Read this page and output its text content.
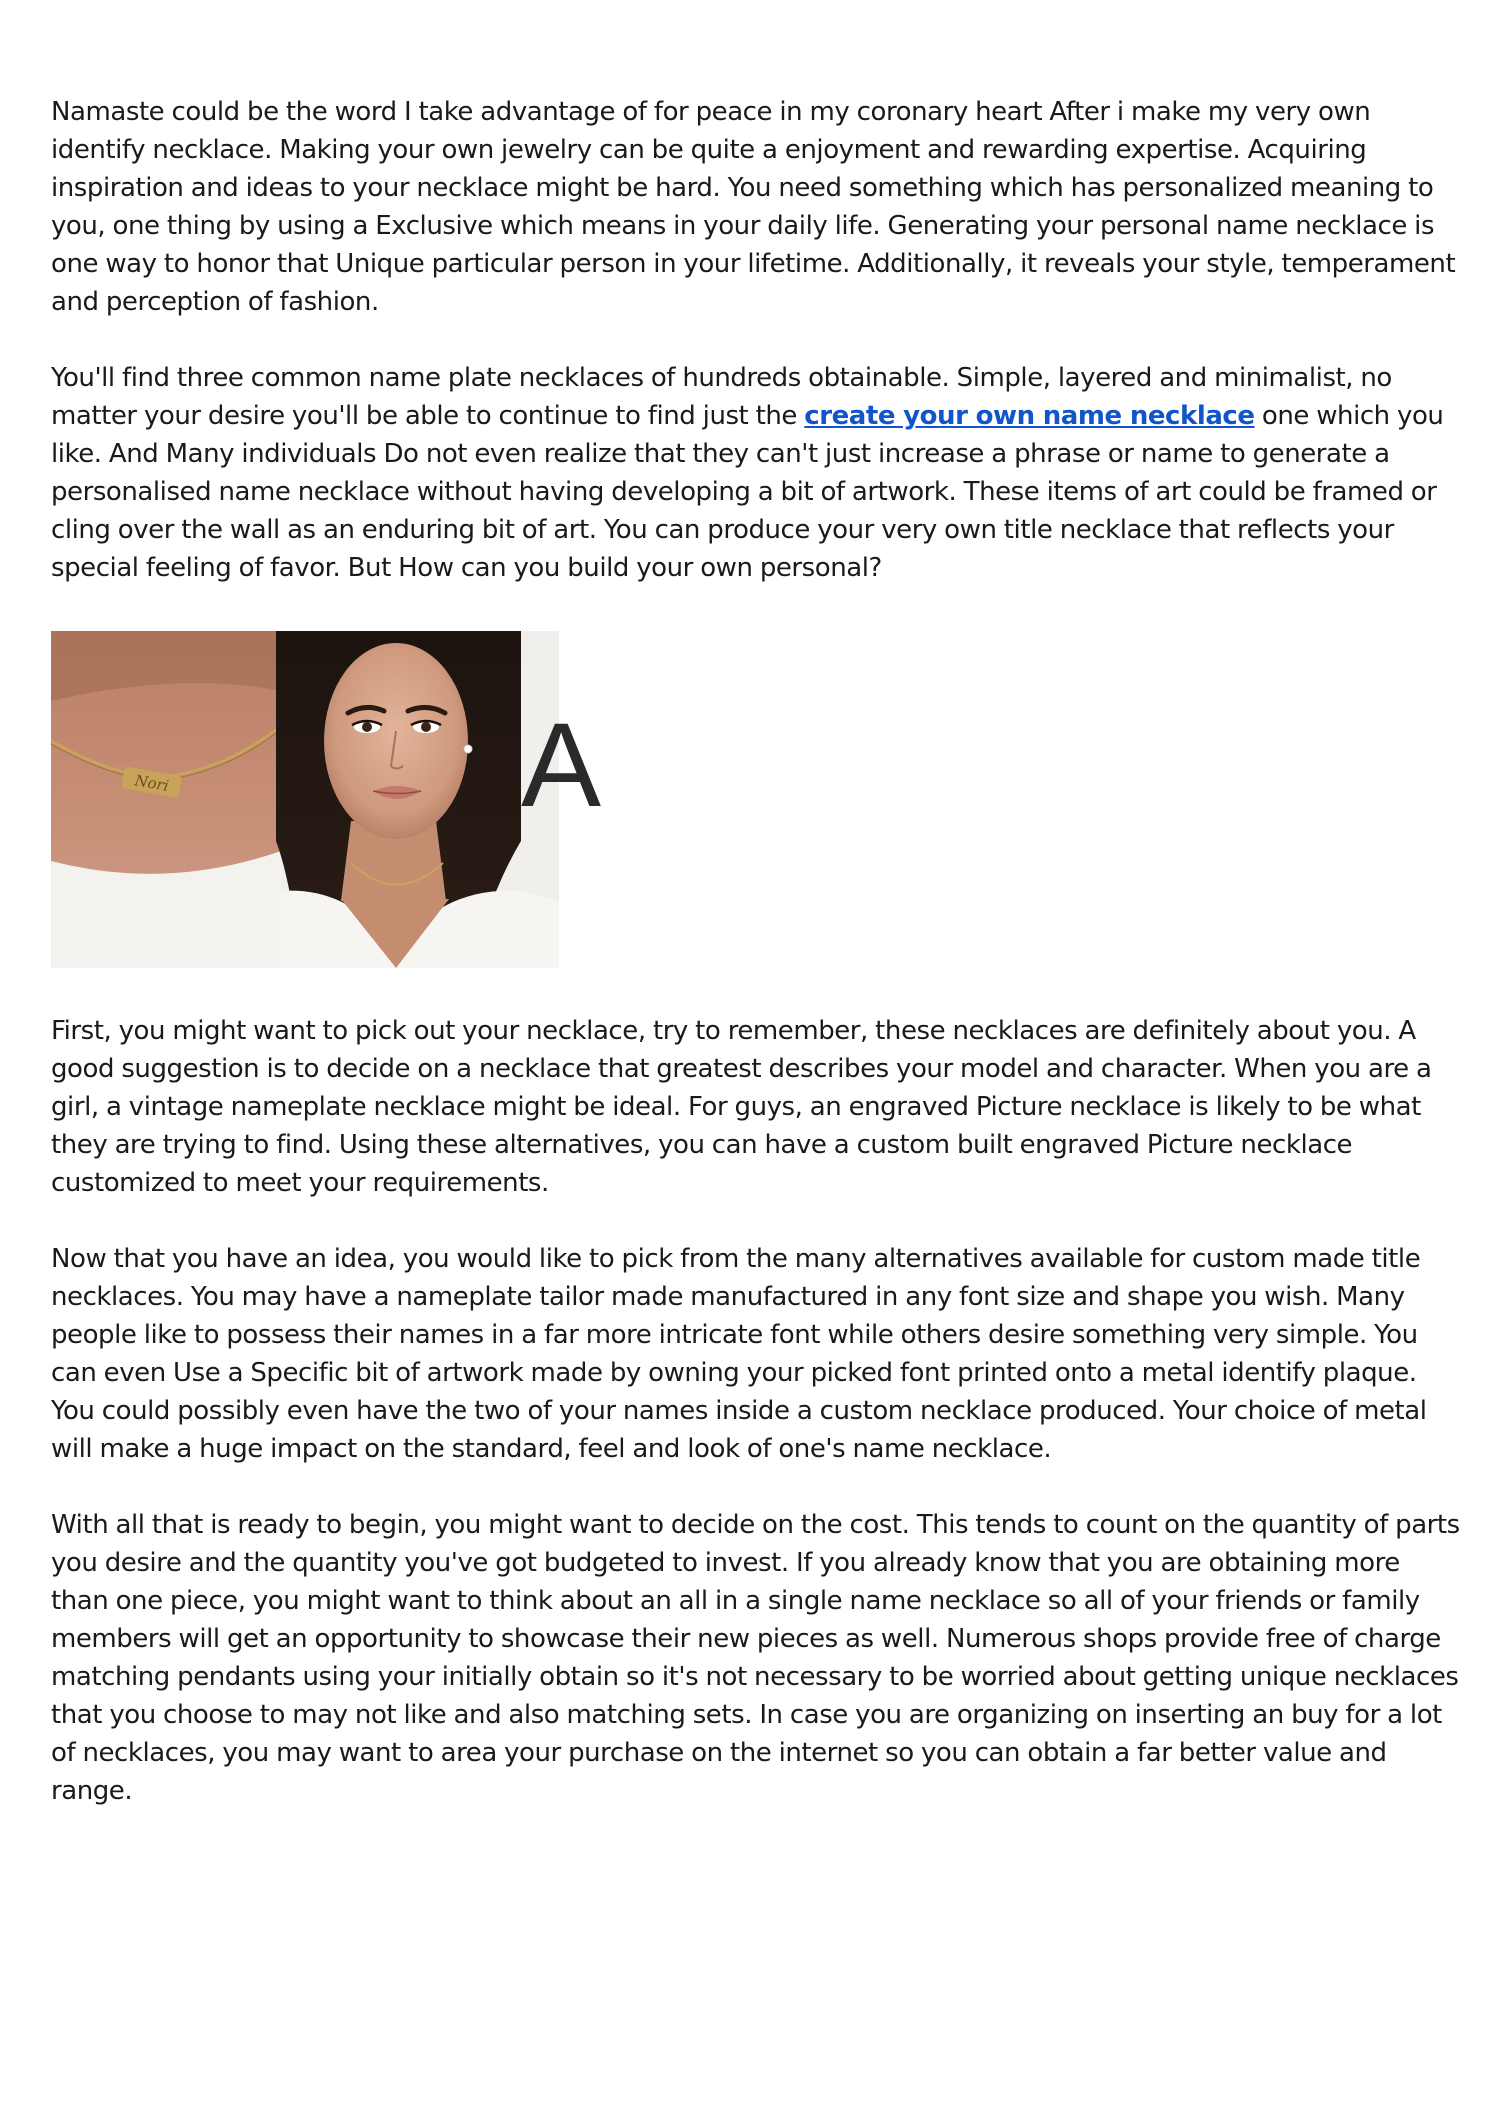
Namaste could be the word I take advantage of for peace in my coronary heart After i make my very own identify necklace. Making your own jewelry can be quite a enjoyment and rewarding expertise. Acquiring inspiration and ideas to your necklace might be hard. You need something which has personalized meaning to you, one thing by using a Exclusive which means in your daily life. Generating your personal name necklace is one way to honor that Unique particular person in your lifetime. Additionally, it reveals your style, temperament and perception of fashion.

You'll find three common name plate necklaces of hundreds obtainable. Simple, layered and minimalist, no matter your desire you'll be able to continue to find just the create your own name necklace one which you like. And Many individuals Do not even realize that they can't just increase a phrase or name to generate a personalised name necklace without having developing a bit of artwork. These items of art could be framed or cling over the wall as an enduring bit of art. You can produce your very own title necklace that reflects your special feeling of favor. But How can you build your own personal?

Nori	A

First, you might want to pick out your necklace, try to remember, these necklaces are definitely about you. A good suggestion is to decide on a necklace that greatest describes your model and character. When you are a girl, a vintage nameplate necklace might be ideal. For guys, an engraved Picture necklace is likely to be what they are trying to find. Using these alternatives, you can have a custom built engraved Picture necklace customized to meet your requirements.

Now that you have an idea, you would like to pick from the many alternatives available for custom made title necklaces. You may have a nameplate tailor made manufactured in any font size and shape you wish. Many people like to possess their names in a far more intricate font while others desire something very simple. You can even Use a Specific bit of artwork made by owning your picked font printed onto a metal identify plaque. You could possibly even have the two of your names inside a custom necklace produced. Your choice of metal will make a huge impact on the standard, feel and look of one's name necklace.

With all that is ready to begin, you might want to decide on the cost. This tends to count on the quantity of parts you desire and the quantity you've got budgeted to invest. If you already know that you are obtaining more than one piece, you might want to think about an all in a single name necklace so all of your friends or family members will get an opportunity to showcase their new pieces as well. Numerous shops provide free of charge matching pendants using your initially obtain so it's not necessary to be worried about getting unique necklaces that you choose to may not like and also matching sets. In case you are organizing on inserting an buy for a lot of necklaces, you may want to area your purchase on the internet so you can obtain a far better value and range.
